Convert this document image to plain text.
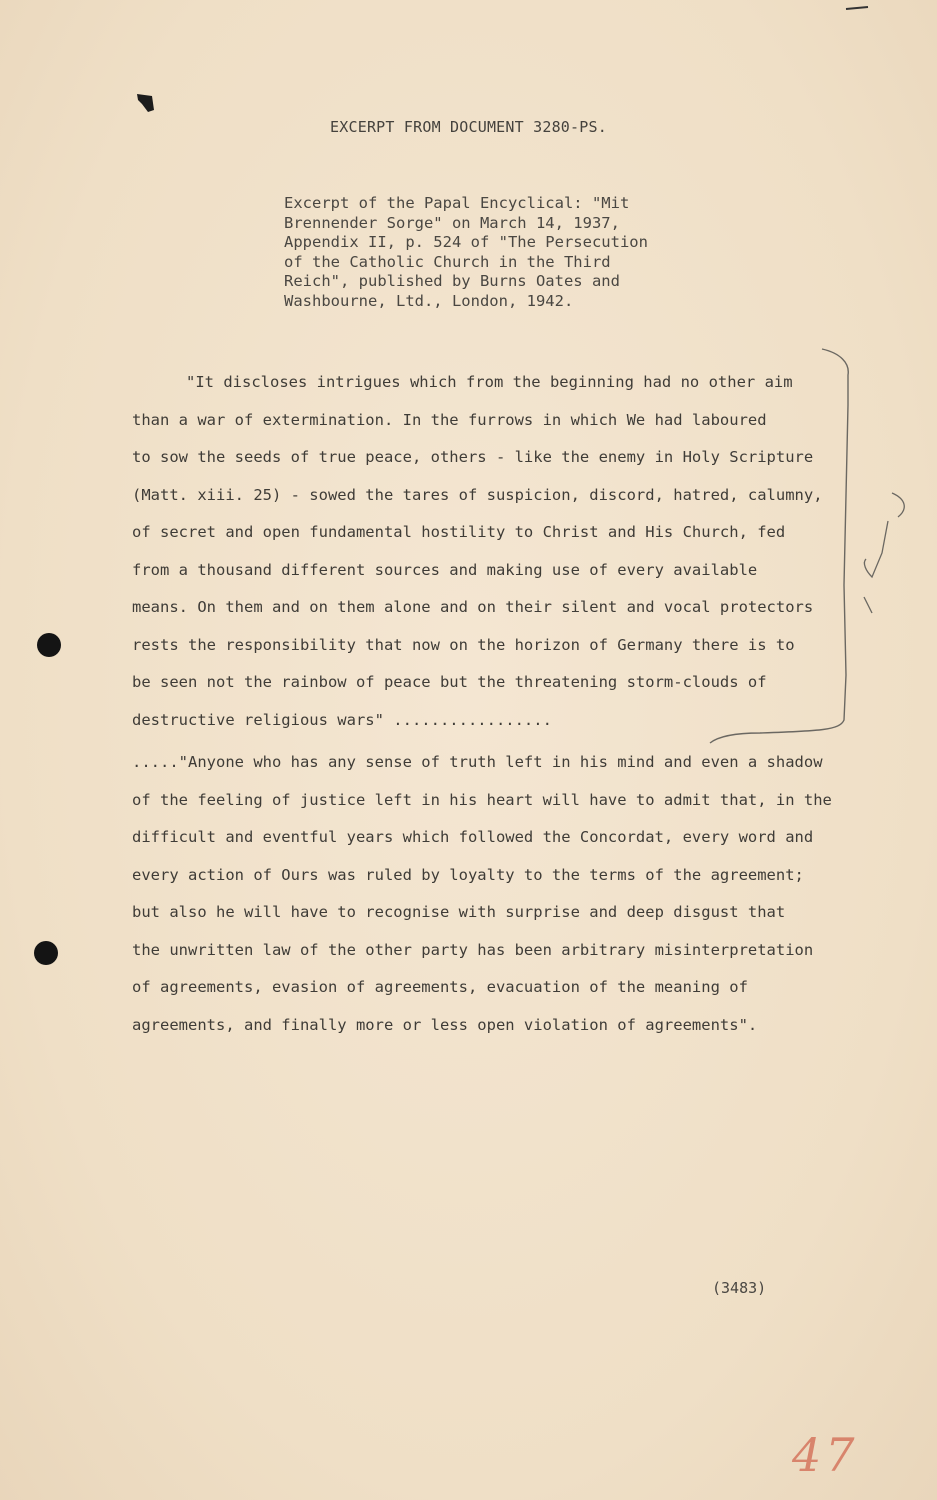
EXCERPT FROM DOCUMENT 3280-PS.
Excerpt of the Papal Encyclical: "Mit
Brennender Sorge" on March 14, 1937,
Appendix II, p. 524 of "The Persecution
of the Catholic Church in the Third
Reich", published by Burns Oates and
Washbourne, Ltd., London, 1942.
"It discloses intrigues which from the beginning had no other aim
than a war of extermination. In the furrows in which We had laboured
to sow the seeds of true peace, others - like the enemy in Holy Scripture
(Matt. xiii. 25) - sowed the tares of suspicion, discord, hatred, calumny,
of secret and open fundamental hostility to Christ and His Church, fed
from a thousand different sources and making use of every available
means. On them and on them alone and on their silent and vocal protectors
rests the responsibility that now on the horizon of Germany there is to
be seen not the rainbow of peace but the threatening storm-clouds of
destructive religious wars" .................
....."Anyone who has any sense of truth left in his mind and even a shadow
of the feeling of justice left in his heart will have to admit that, in the
difficult and eventful years which followed the Concordat, every word and
every action of Ours was ruled by loyalty to the terms of the agreement;
but also he will have to recognise with surprise and deep disgust that
the unwritten law of the other party has been arbitrary misinterpretation
of agreements, evasion of agreements, evacuation of the meaning of
agreements, and finally more or less open violation of agreements".
(3483)
47
